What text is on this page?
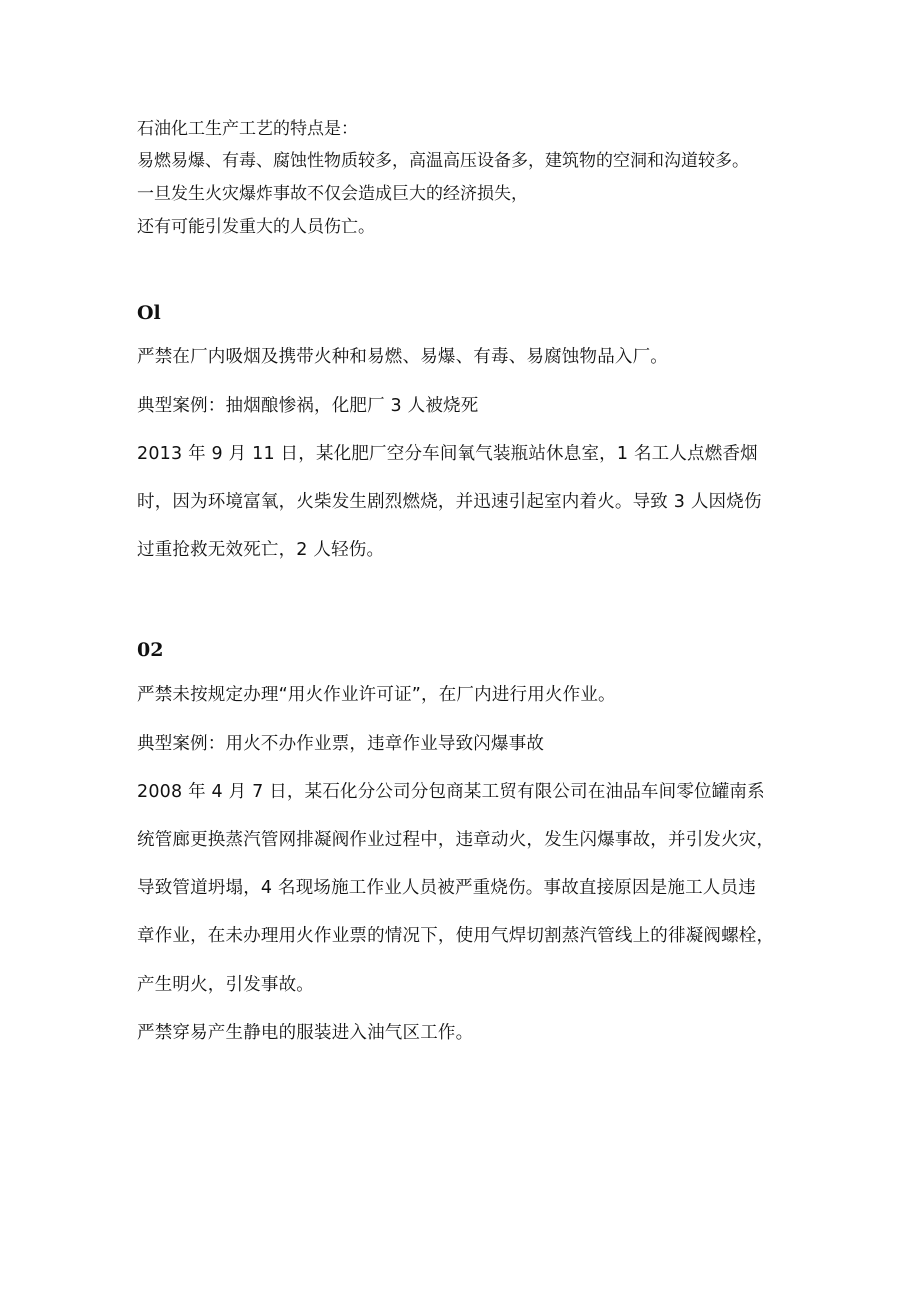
石油化工生产工艺的特点是：

易燃易爆、有毒、腐蚀性物质较多，高温高压设备多，建筑物的空洞和沟道较多。

一旦发生火灾爆炸事故不仅会造成巨大的经济损失，

还有可能引发重大的人员伤亡。

Ol

严禁在厂内吸烟及携带火种和易燃、易爆、有毒、易腐蚀物品入厂。

典型案例：抽烟酿惨祸，化肥厂 3 人被烧死

2013 年 9 月 11 日，某化肥厂空分车间氧气装瓶站休息室，1 名工人点燃香烟

时，因为环境富氧，火柴发生剧烈燃烧，并迅速引起室内着火。导致 3 人因烧伤

过重抢救无效死亡，2 人轻伤。

02

严禁未按规定办理“用火作业许可证”，在厂内进行用火作业。

典型案例：用火不办作业票，违章作业导致闪爆事故

2008 年 4 月 7 日，某石化分公司分包商某工贸有限公司在油品车间零位罐南系

统管廊更换蒸汽管网排凝阀作业过程中，违章动火，发生闪爆事故，并引发火灾，

导致管道坍塌，4 名现场施工作业人员被严重烧伤。事故直接原因是施工人员违

章作业，在未办理用火作业票的情况下，使用气焊切割蒸汽管线上的徘凝阀螺栓，

产生明火，引发事故。

严禁穿易产生静电的服装进入油气区工作。
